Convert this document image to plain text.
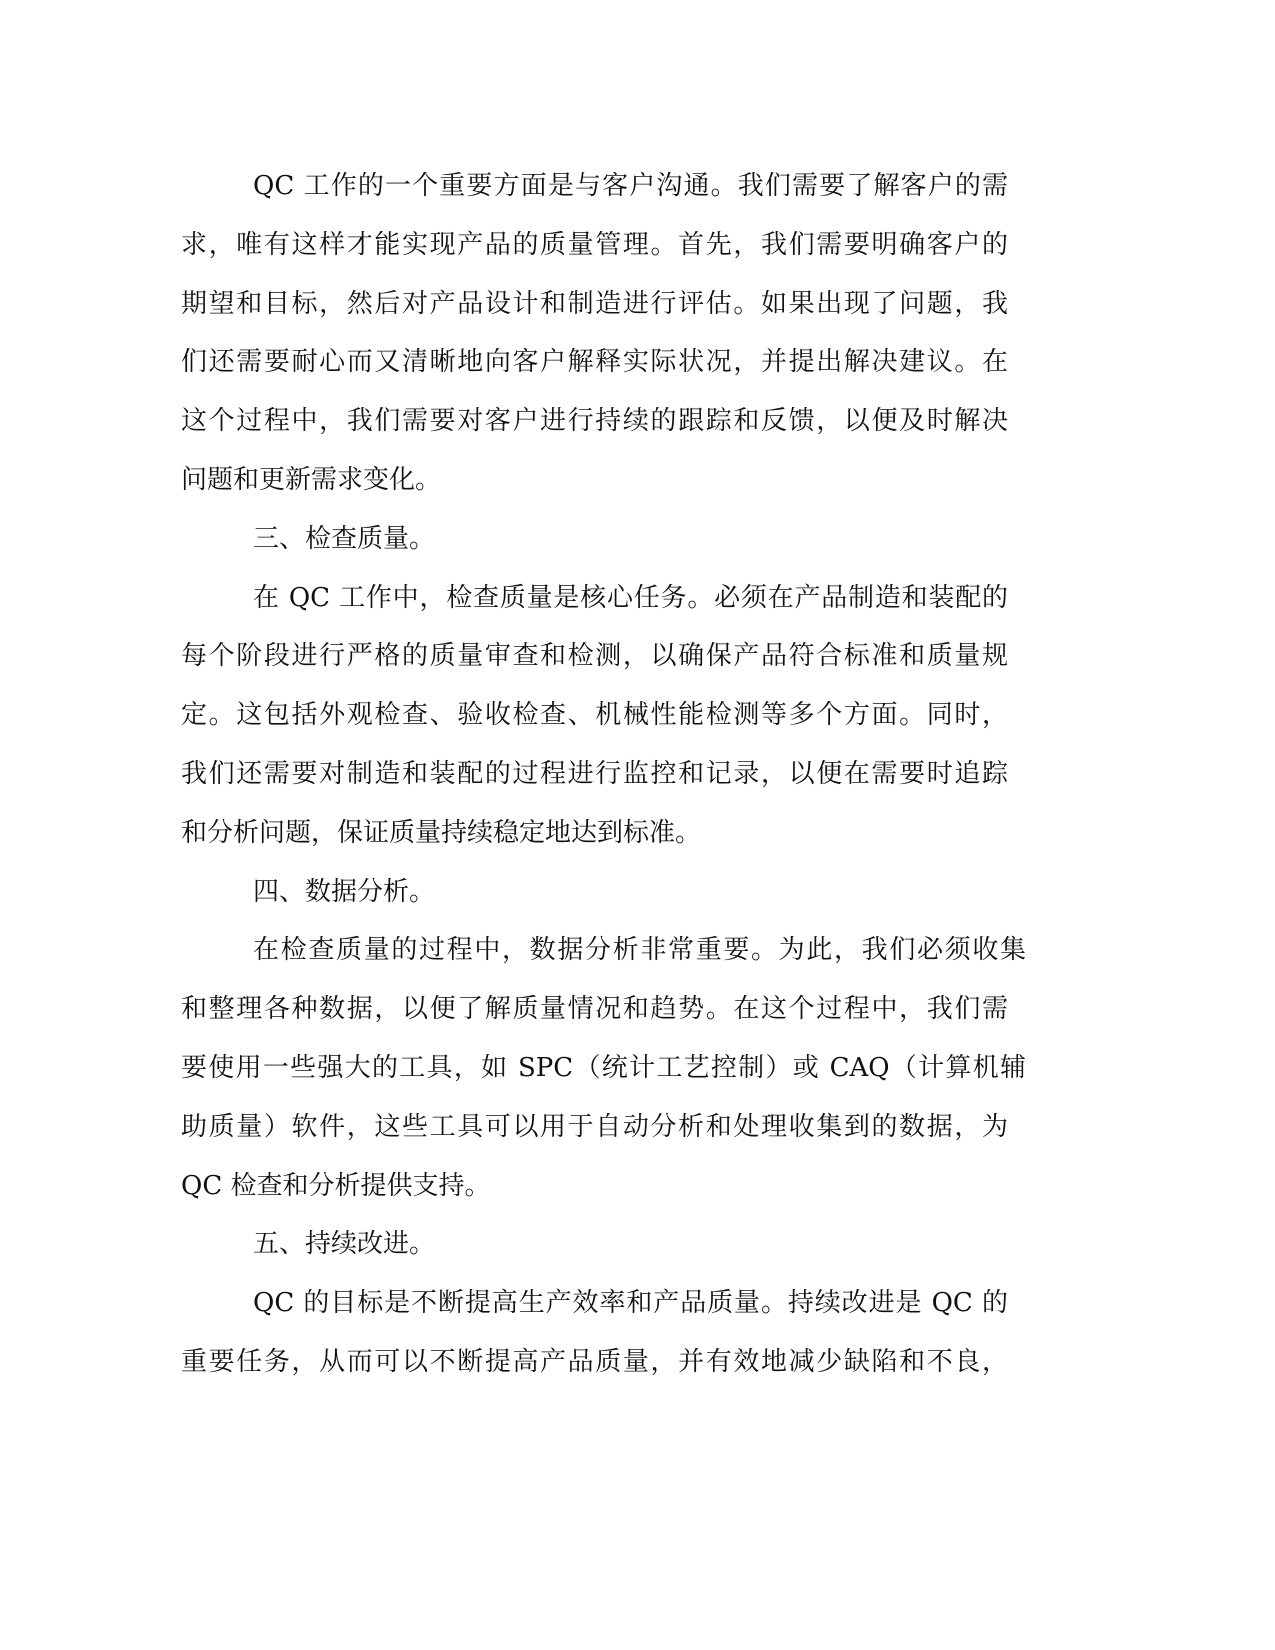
QC 工作的一个重要方面是与客户沟通。我们需要了解客户的需
求，唯有这样才能实现产品的质量管理。首先，我们需要明确客户的
期望和目标，然后对产品设计和制造进行评估。如果出现了问题，我
们还需要耐心而又清晰地向客户解释实际状况，并提出解决建议。在
这个过程中，我们需要对客户进行持续的跟踪和反馈，以便及时解决
问题和更新需求变化。
三、检查质量。
在 QC 工作中，检查质量是核心任务。必须在产品制造和装配的
每个阶段进行严格的质量审查和检测，以确保产品符合标准和质量规
定。这包括外观检查、验收检查、机械性能检测等多个方面。同时，
我们还需要对制造和装配的过程进行监控和记录，以便在需要时追踪
和分析问题，保证质量持续稳定地达到标准。
四、数据分析。
在检查质量的过程中，数据分析非常重要。为此，我们必须收集
和整理各种数据，以便了解质量情况和趋势。在这个过程中，我们需
要使用一些强大的工具，如 SPC（统计工艺控制）或 CAQ（计算机辅
助质量）软件，这些工具可以用于自动分析和处理收集到的数据，为
QC 检查和分析提供支持。
五、持续改进。
QC 的目标是不断提高生产效率和产品质量。持续改进是 QC 的
重要任务，从而可以不断提高产品质量，并有效地减少缺陷和不良，
